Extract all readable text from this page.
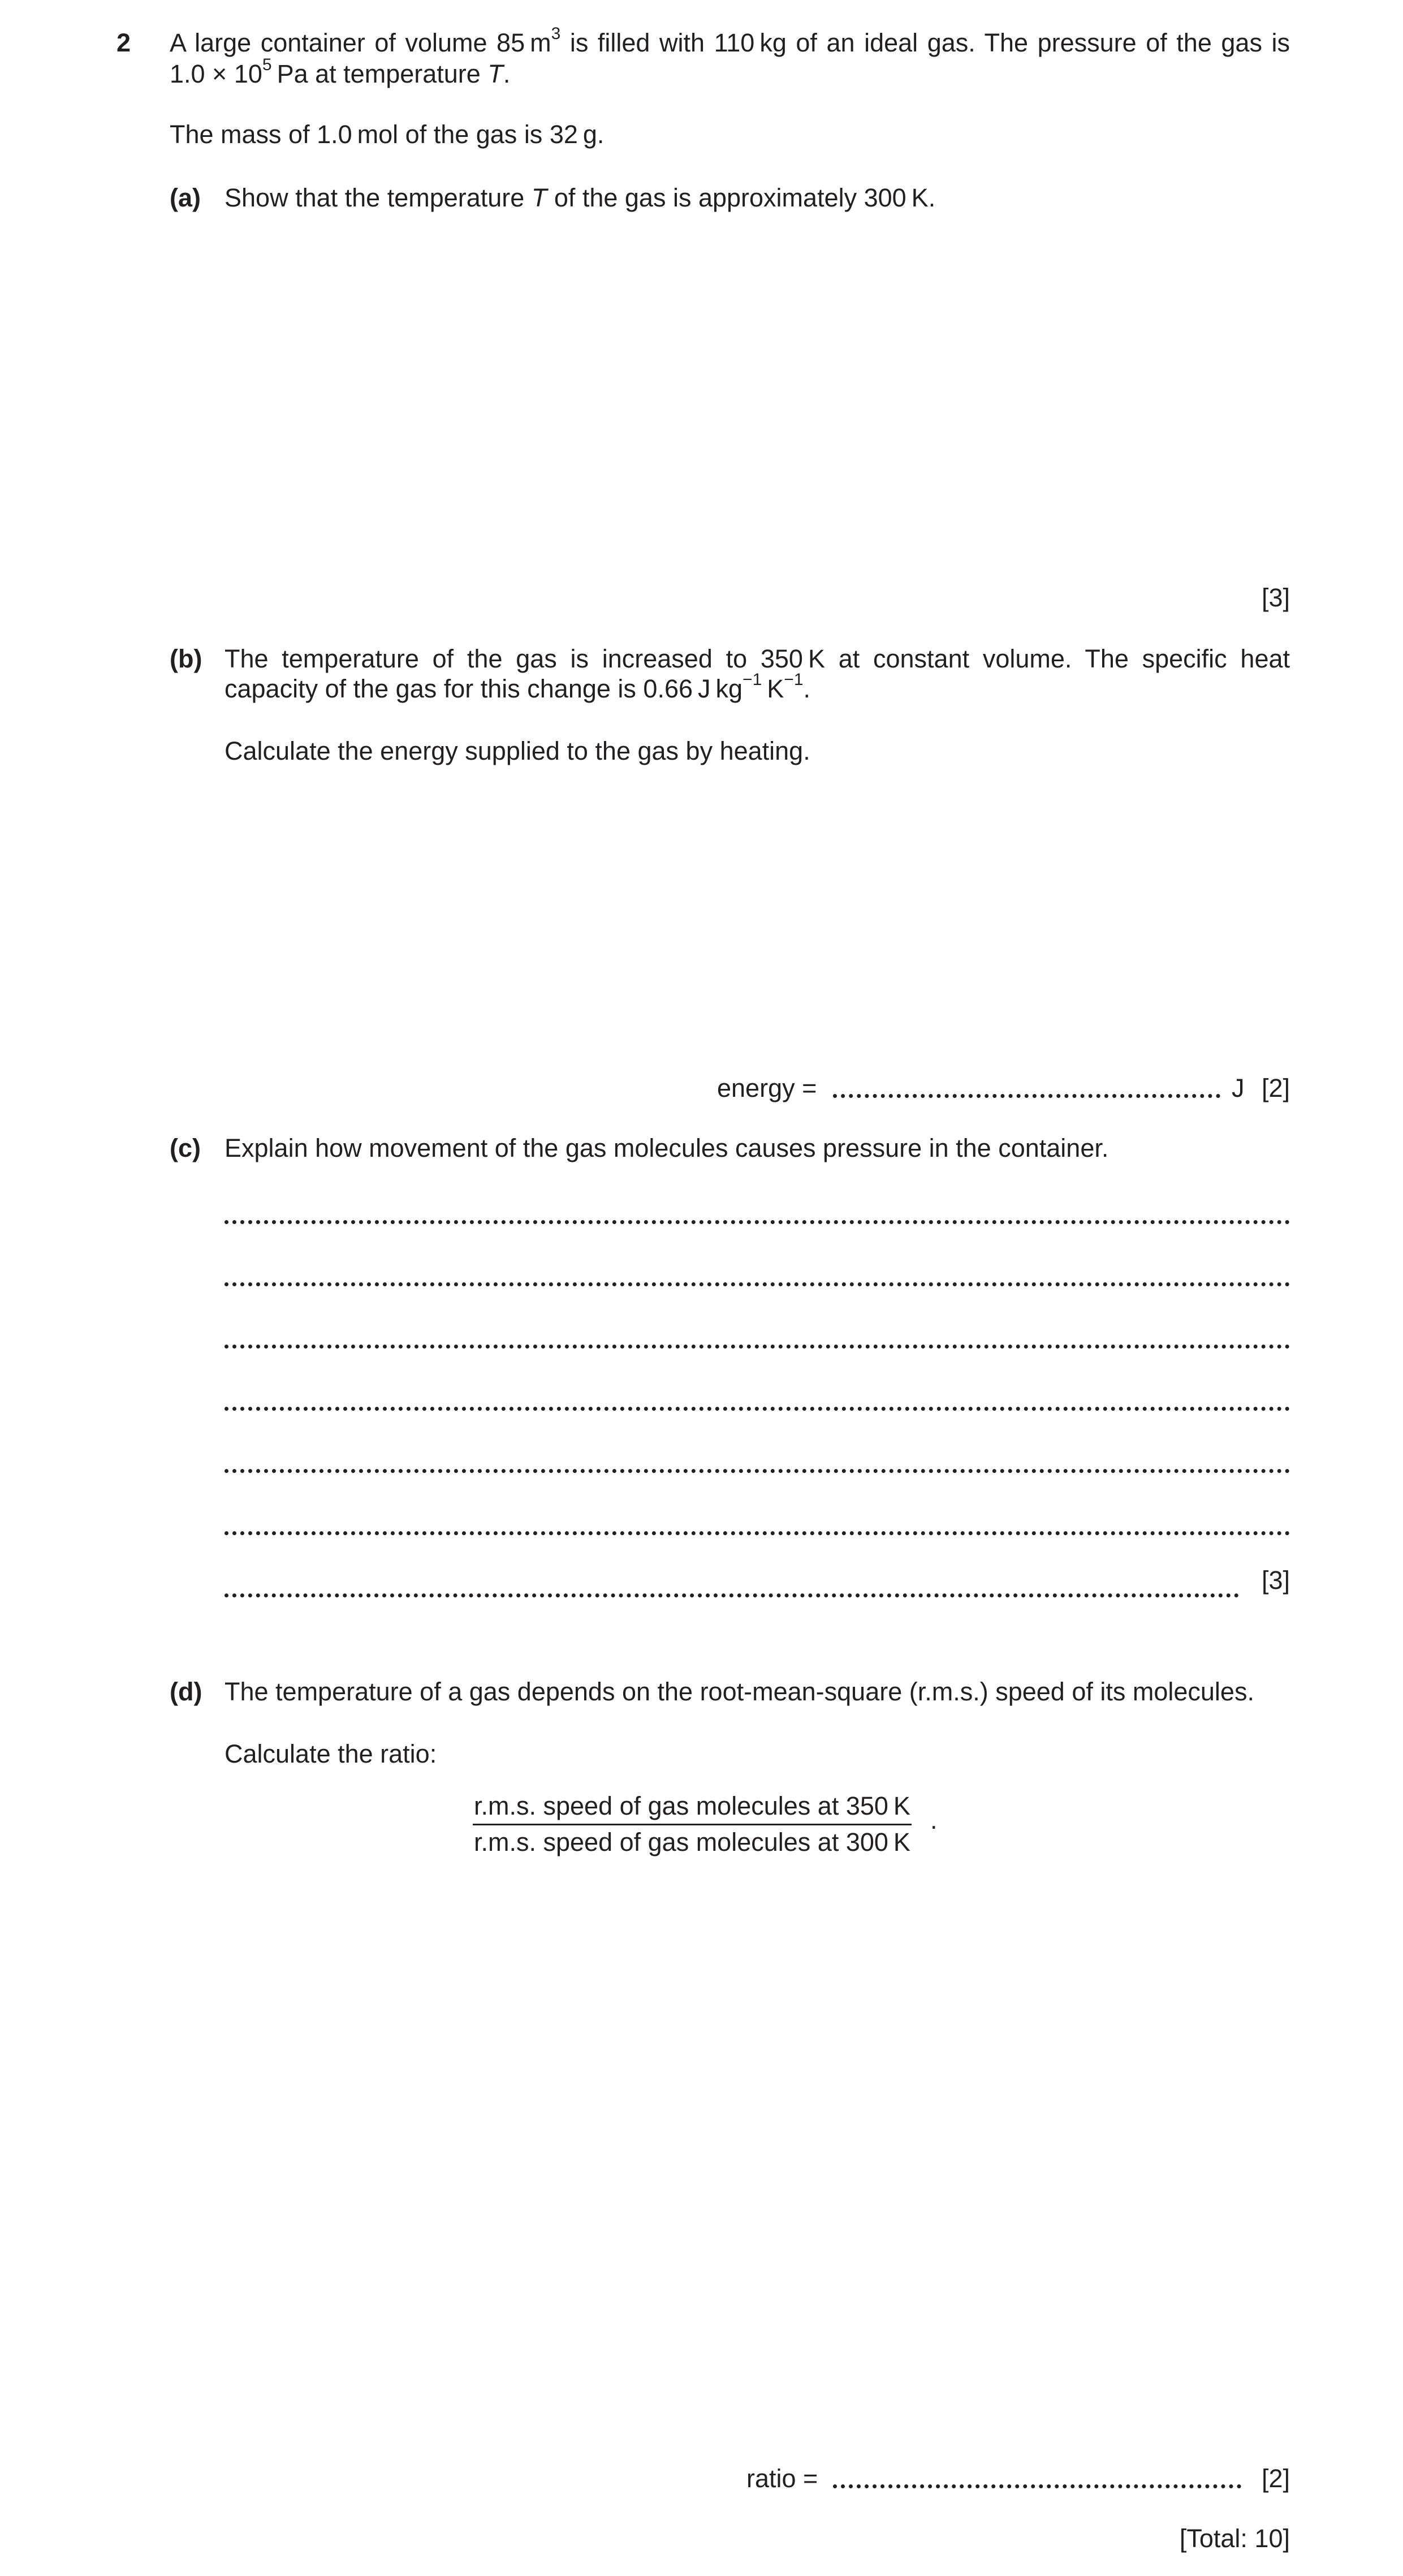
2 A large container of volume 85 $m^3$ is filled with 110 kg of an ideal gas. The pressure of the gas is
$1.0 \times 10^5$ Pa at temperature T.
The mass of 1.0 mol of the gas is 32 g.
(a) Show that the temperature T of the gas is approximately 300 K.
[3]
(b) The temperature of the gas is increased to 350 K at constant volume. The specific heat
capacity of the gas for this change is 0.66 J $kg^{-1}$ $K^{-1}$.
Calculate the energy supplied to the gas by heating.
energy =	J [2]
(c) Explain how movement of the gas molecules causes pressure in the container.
[3]
(d) The temperature of a gas depends on the root-mean-square (r.m.s.) speed of its molecules.
Calculate the ratio:
r.m.s. speed of gas molecules at 350 K
r.m.s. speed of gas molecules at 300 K
.
ratio =	[2]
[Total: 10]
